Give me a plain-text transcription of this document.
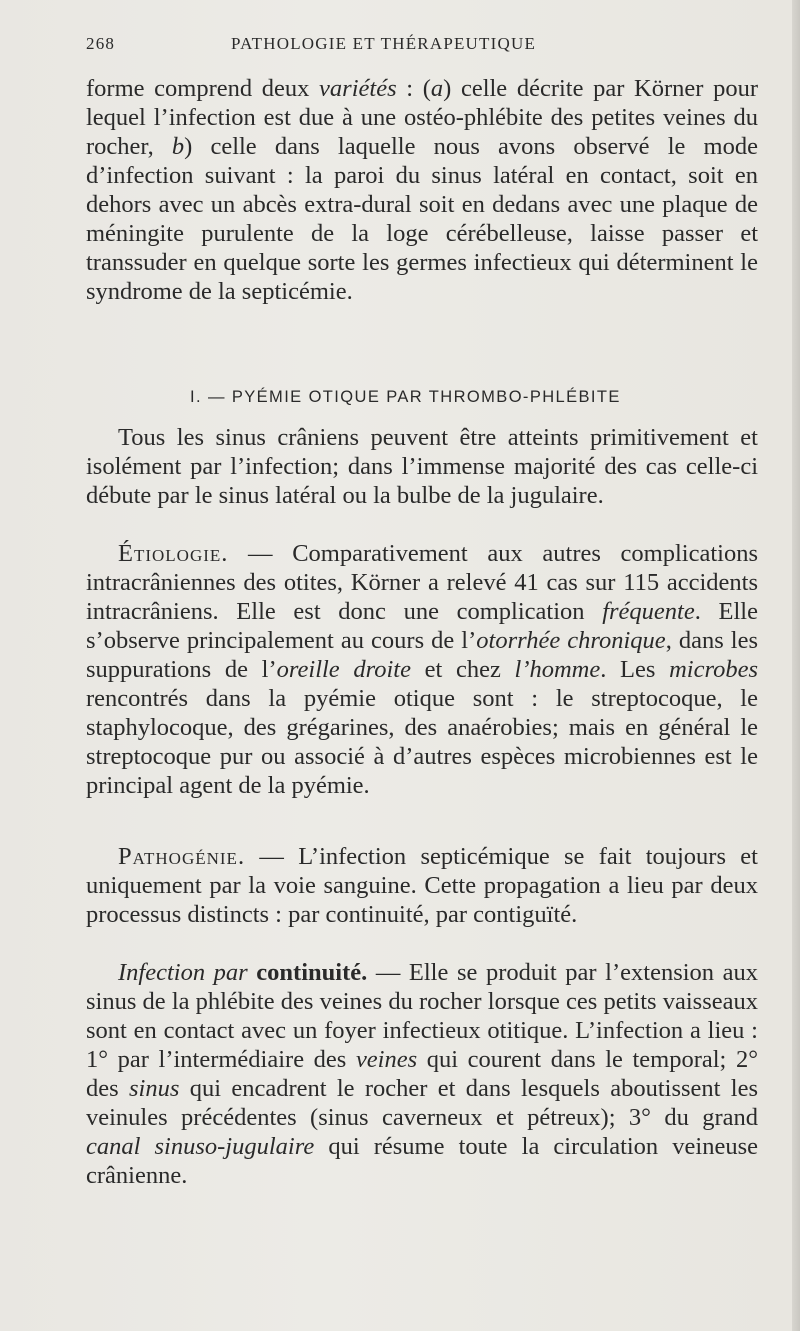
268	PATHOLOGIE ET THÉRAPEUTIQUE

forme comprend deux variétés : (a) celle décrite par Körner pour lequel l’infection est due à une ostéo-phlébite des petites veines du rocher, b) celle dans laquelle nous avons observé le mode d’infection suivant : la paroi du sinus latéral en contact, soit en dehors avec un abcès extra-dural soit en dedans avec une plaque de méningite purulente de la loge cérébelleuse, laisse passer et transsuder en quelque sorte les germes infectieux qui déterminent le syndrome de la septicémie.

I. — PYÉMIE OTIQUE PAR THROMBO-PHLÉBITE

Tous les sinus crâniens peuvent être atteints primitivement et isolément par l’infection; dans l’immense majorité des cas celle-ci débute par le sinus latéral ou la bulbe de la jugulaire.

Étiologie. — Comparativement aux autres complications intracrâniennes des otites, Körner a relevé 41 cas sur 115 accidents intracrâniens. Elle est donc une complication fréquente. Elle s’observe principalement au cours de l’otorrhée chronique, dans les suppurations de l’oreille droite et chez l’homme. Les microbes rencontrés dans la pyémie otique sont : le streptocoque, le staphylocoque, des grégarines, des anaérobies; mais en général le streptocoque pur ou associé à d’autres espèces microbiennes est le principal agent de la pyémie.

Pathogénie. — L’infection septicémique se fait toujours et uniquement par la voie sanguine. Cette propagation a lieu par deux processus distincts : par continuité, par contiguïté.

Infection par continuité. — Elle se produit par l’extension aux sinus de la phlébite des veines du rocher lorsque ces petits vaisseaux sont en contact avec un foyer infectieux otitique. L’infection a lieu : 1° par l’intermédiaire des veines qui courent dans le temporal; 2° des sinus qui encadrent le rocher et dans lesquels aboutissent les veinules précédentes (sinus caverneux et pétreux); 3° du grand canal sinuso-jugulaire qui résume toute la circulation veineuse crânienne.
